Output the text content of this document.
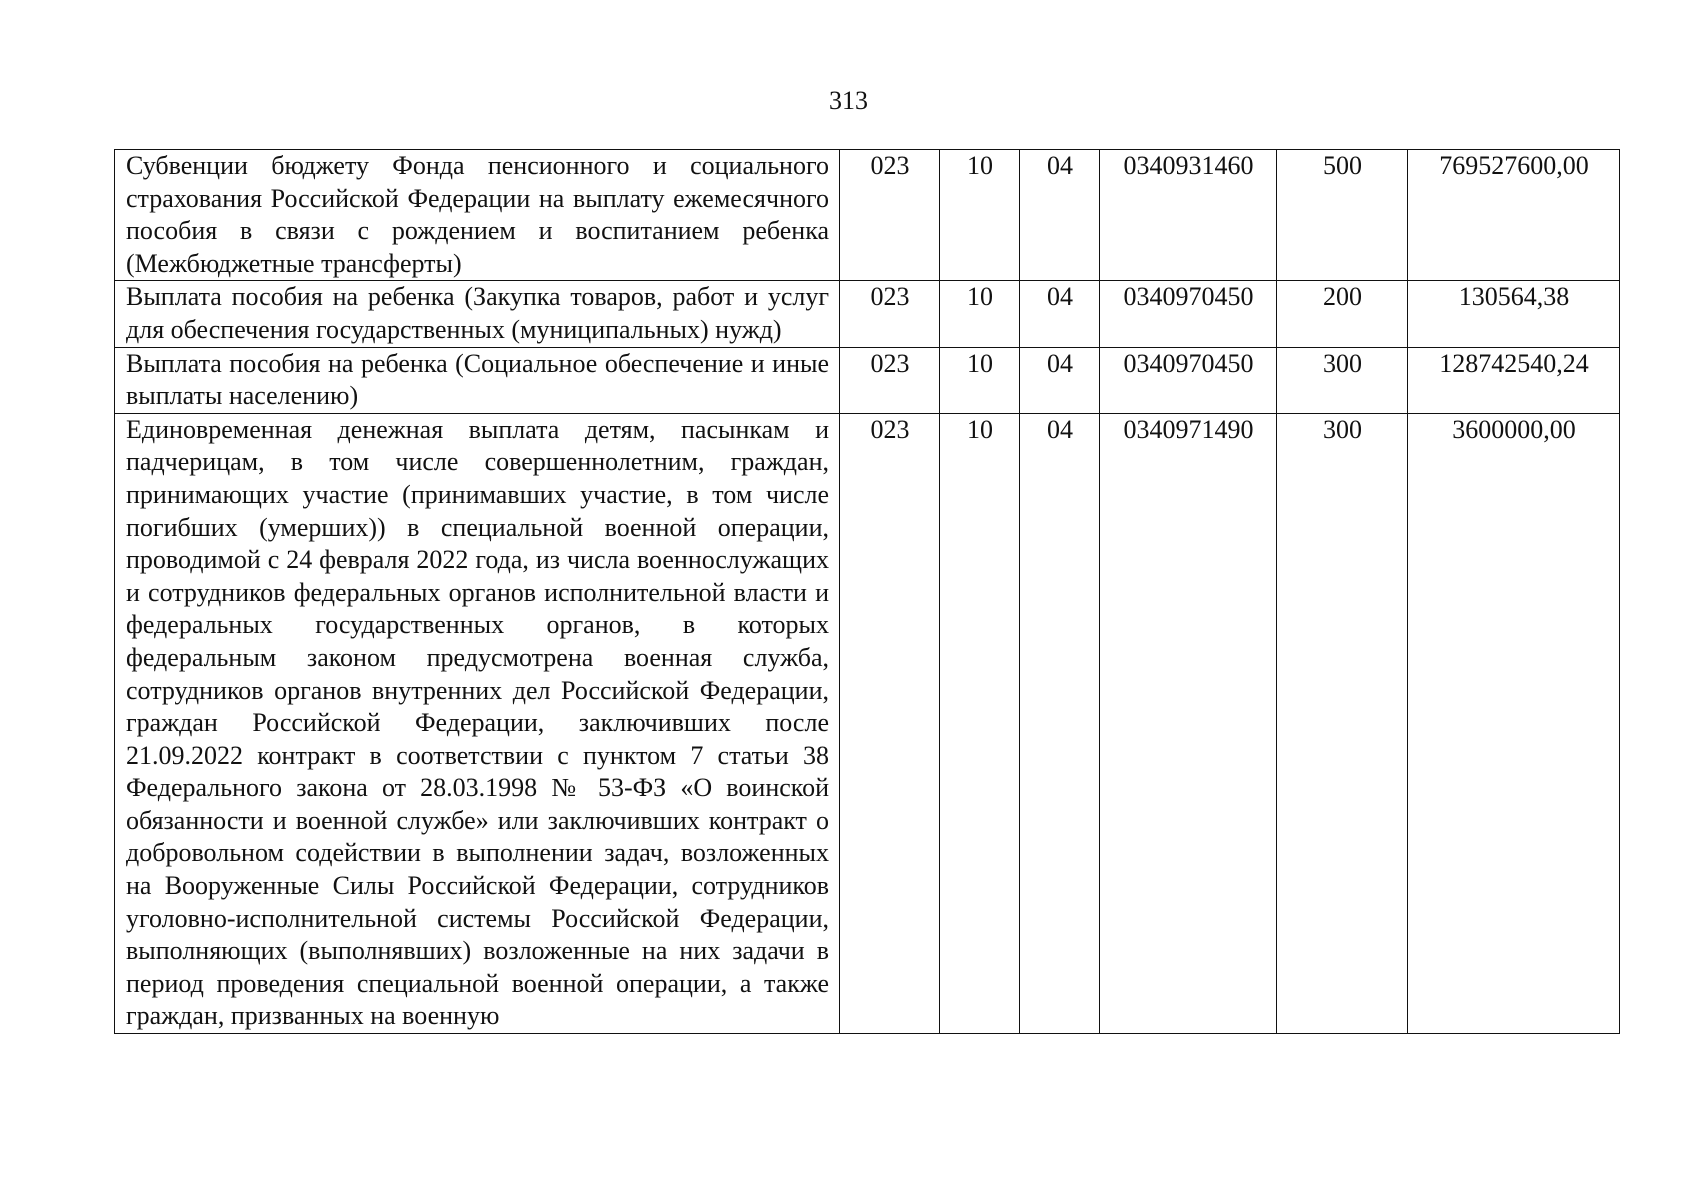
313
Субвенции бюджету Фонда пенсионного и социального страхования Российской Федерации на выплату ежемесячного пособия в связи с рождением и воспитанием ребенка (Межбюджетные трансферты)	023	10	04	0340931460	500	769527600,00
Выплата пособия на ребенка (Закупка товаров, работ и услуг для обеспечения государственных (муниципальных) нужд)	023	10	04	0340970450	200	130564,38
Выплата пособия на ребенка (Социальное обеспечение и иные выплаты населению)	023	10	04	0340970450	300	128742540,24
Единовременная денежная выплата детям, пасынкам и падчерицам, в том числе совершеннолетним, граждан, принимающих участие (принимавших участие, в том числе погибших (умерших)) в специальной военной операции, проводимой с 24 февраля 2022 года, из числа военнослужащих и сотрудников федеральных органов исполнительной власти и федеральных государственных органов, в которых федеральным законом предусмотрена военная служба, сотрудников органов внутренних дел Российской Федерации, граждан Российской Федерации, заключивших после 21.09.2022 контракт в соответствии с пунктом 7 статьи 38 Федерального закона от 28.03.1998 № 53-ФЗ «О воинской обязанности и военной службе» или заключивших контракт о добровольном содействии в выполнении задач, возложенных на Вооруженные Силы Российской Федерации, сотрудников уголовно-исполнительной системы Российской Федерации, выполняющих (выполнявших) возложенные на них задачи в период проведения специальной военной операции, а также граждан, призванных на военную	023	10	04	0340971490	300	3600000,00
